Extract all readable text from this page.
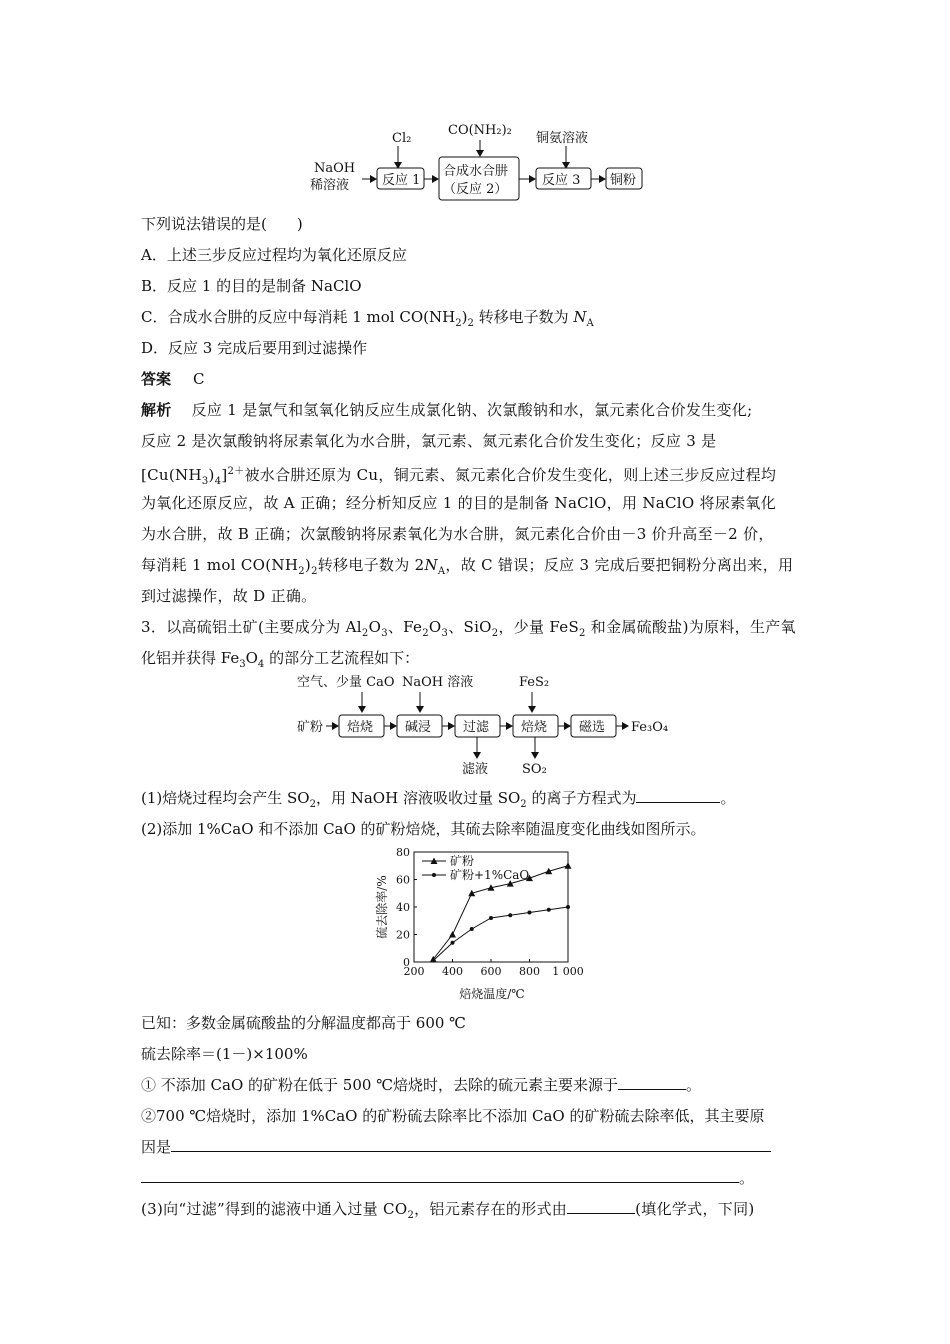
Cl₂
CO(NH₂)₂
铜氨溶液
NaOH
稀溶液	反应 1
合成水合肼
（反应 2）
反应 3 铜粉
下列说法错误的是(　　)
A．上述三步反应过程均为氧化还原反应
B．反应 1 的目的是制备 NaClO
C．合成水合肼的反应中每消耗 1 mol $CO(NH_2)_2$ 转移电子数为 $N_A$
D．反应 3 完成后要用到过滤操作
答案 C
解析 反应 1 是氯气和氢氧化钠反应生成氯化钠、次氯酸钠和水，氯元素化合价发生变化;
反应 2 是次氯酸钠将尿素氧化为水合肼，氯元素、氮元素化合价发生变化；反应 3 是
$[Cu(NH_3)_4]^{2+}$被水合肼还原为 Cu，铜元素、氮元素化合价发生变化，则上述三步反应过程均
为氧化还原反应，故 A 正确；经分析知反应 1 的目的是制备 NaClO，用 NaClO 将尿素氧化
为水合肼，故 B 正确；次氯酸钠将尿素氧化为水合肼，氮元素化合价由－3 价升高至－2 价，
每消耗 1 mol $CO(NH_2)_2$转移电子数为 $2N_A$，故 C 错误；反应 3 完成后要把铜粉分离出来，用
到过滤操作，故 D 正确。
3．以高硫铝土矿(主要成分为 $Al_2O_3$、$Fe_2O_3$、SiO$_2$，少量 FeS$_2$ 和金属硫酸盐)为原料，生产氧
化铝并获得 $Fe_3O_4$ 的部分工艺流程如下：
空气、少量 CaO NaOH 溶液	FeS₂
矿粉 焙烧 碱浸 过滤 焙烧 磁选 Fe₃O₄
滤液	SO₂
(1)焙烧过程均会产生 $SO_2$，用 NaOH 溶液吸收过量 $SO_2$ 的离子方程式为	。
(2)添加 1%CaO 和不添加 CaO 的矿粉焙烧，其硫去除率随温度变化曲线如图所示。
硫去除率/%
焙烧温度/℃
200 400 600 800 1 000
0
20
40
60
80
矿粉
矿粉+1%CaO
已知：多数金属硫酸盐的分解温度都高于 600 ℃
硫去除率＝(1－)×100%
① 不添加 CaO 的矿粉在低于 500 ℃焙烧时，去除的硫元素主要来源于	。
②700 ℃焙烧时，添加 1%CaO 的矿粉硫去除率比不添加 CaO 的矿粉硫去除率低，其主要原
因是
。
(3)向“过滤”得到的滤液中通入过量 $CO_2$，铝元素存在的形式由	(填化学式，下同)
